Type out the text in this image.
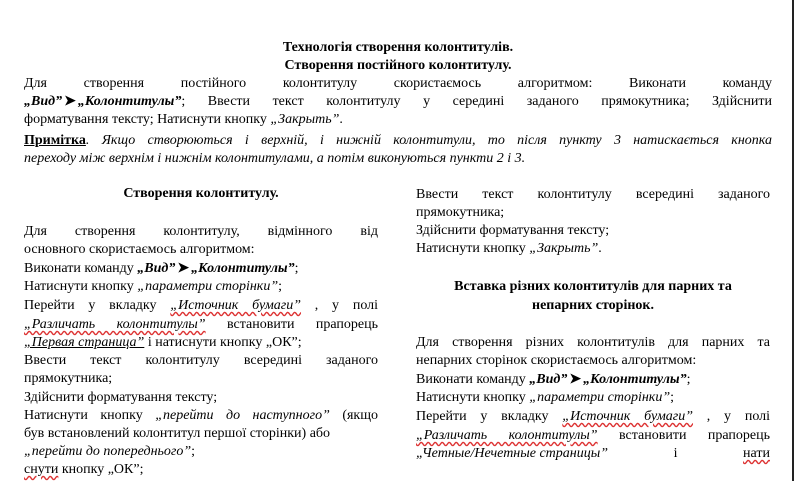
Технологія створення колонтитулів.
Створення постійного колонтитулу.
Для створення постійного колонтитулу скористаємось алгоритмом: Виконати команду
„Вид” ➤ „Колонтитулы”; Ввести текст колонтитулу у середині заданого прямокутника; Здійснити
форматування тексту; Натиснути кнопку „Закрыть”.
Примітка. Якщо створюються і верхній, і нижній колонтитули, то після пункту 3 натискається кнопка
переходу між верхнім і нижнім колонтитулами, а потім виконуються пункти 2 і 3.
Створення колонтитулу.
Для створення колонтитулу, відмінного від
основного скористаємось алгоритмом:
Виконати команду „Вид” ➤ „Колонтитулы”;
Натиснути кнопку „параметри сторінки”;
Перейти у вкладку „Источник бумаги” , у полі
„Различать колонтитулы” встановити прапорець
„Первая страница” і натиснути кнопку „ОК”;
Ввести текст колонтитулу всередині заданого
прямокутника;
Здійснити форматування тексту;
Натиснути кнопку „перейти до наступного” (якщо
був встановлений колонтитул першої сторінки) або
„перейти до попереднього”;
снути кнопку „ОК”;
Ввести текст колонтитулу всередині заданого
прямокутника;
Здійснити форматування тексту;
Натиснути кнопку „Закрыть”.
Вставка різних колонтитулів для парних та
непарних сторінок.
Для створення різних колонтитулів для парних та
непарних сторінок скористаємось алгоритмом:
Виконати команду „Вид” ➤ „Колонтитулы”;
Натиснути кнопку „параметри сторінки”;
Перейти у вкладку „Источник бумаги” , у полі
„Различать колонтитулы” встановити прапорець
„Четные/Нечетные страницы”	і	нати
